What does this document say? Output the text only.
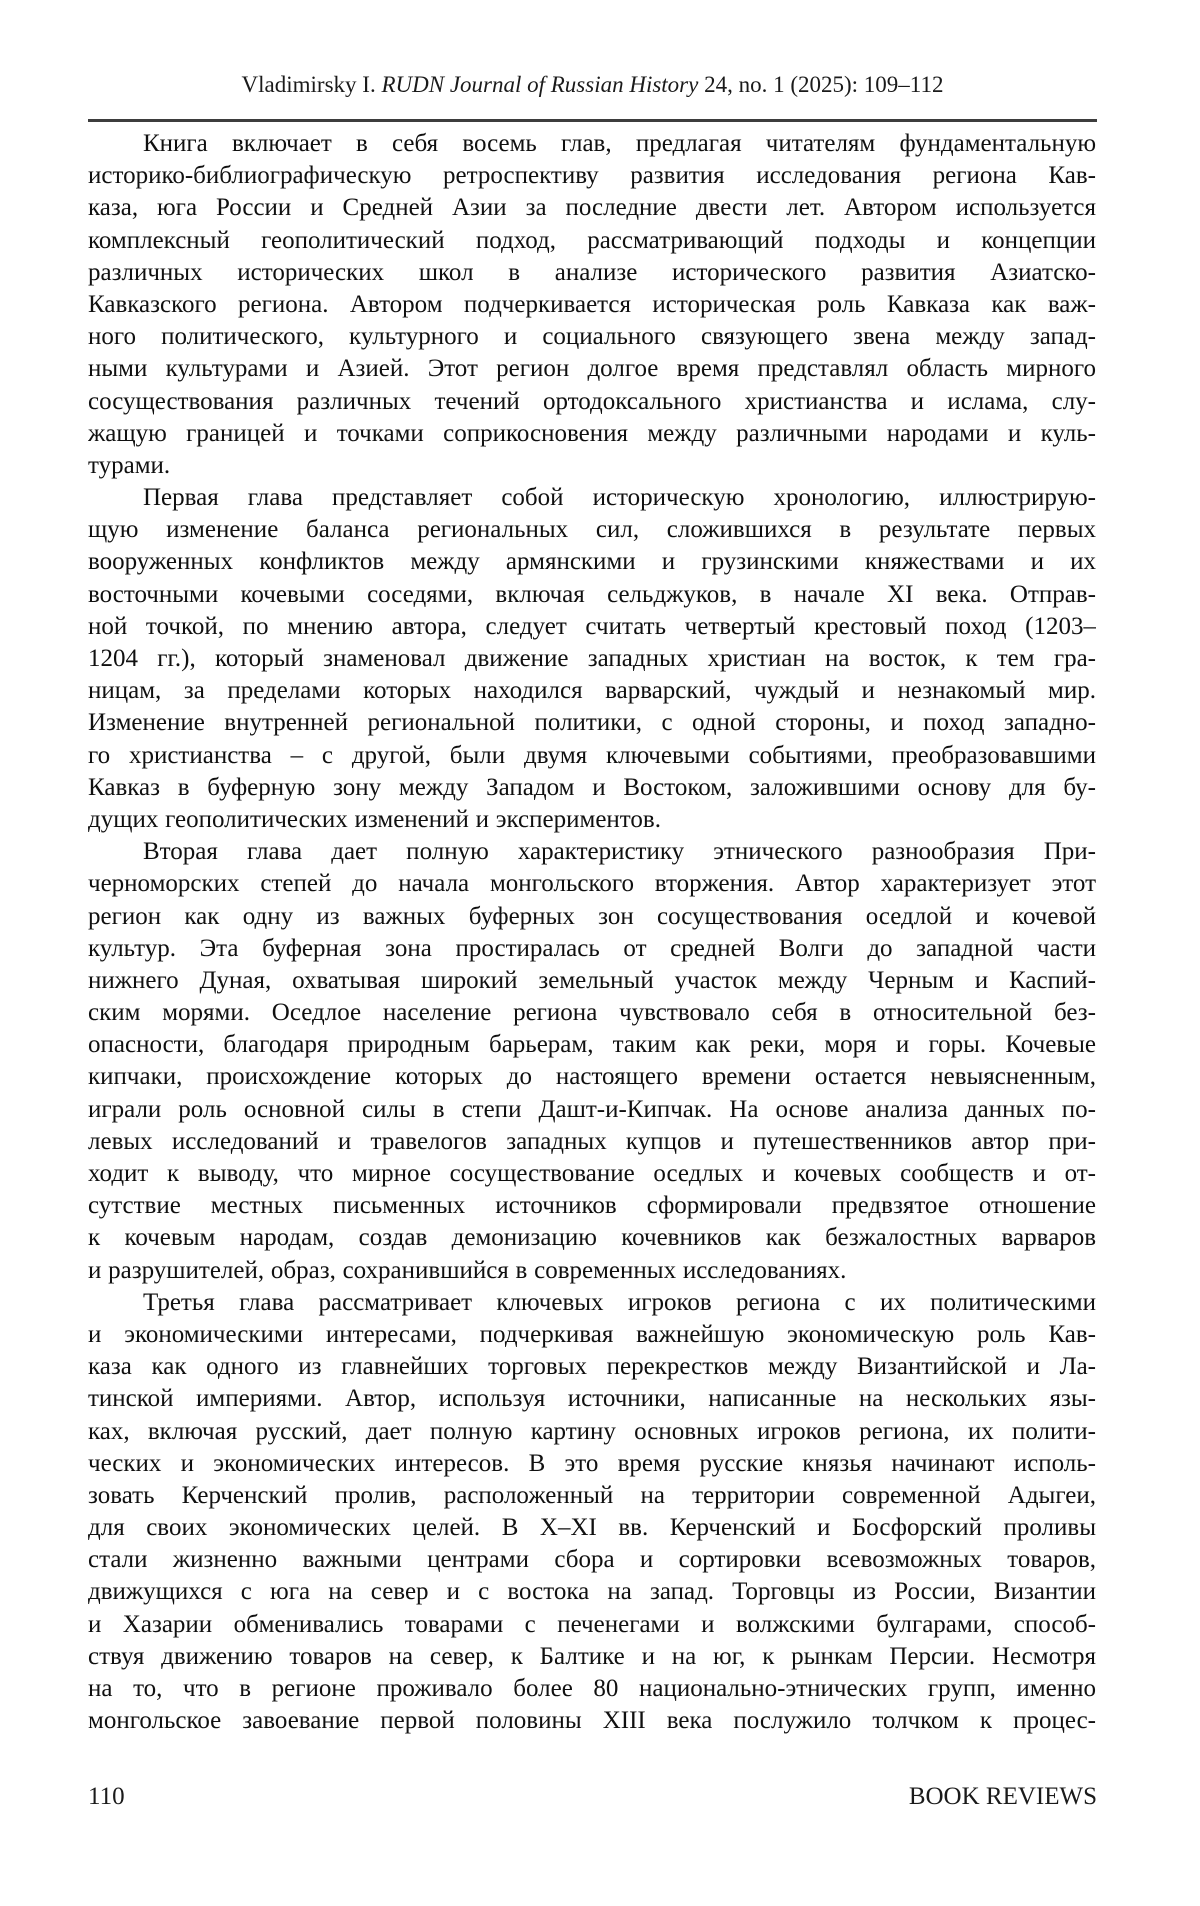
Vladimirsky I. RUDN Journal of Russian History 24, no. 1 (2025): 109–112
Книга включает в себя восемь глав, предлагая читателям фундаментальную
историко-библиографическую ретроспективу развития исследования региона Кав-
каза, юга России и Средней Азии за последние двести лет. Автором используется
комплексный геополитический подход, рассматривающий подходы и концепции
различных исторических школ в анализе исторического развития Азиатско-
Кавказского региона. Автором подчеркивается историческая роль Кавказа как важ-
ного политического, культурного и социального связующего звена между запад-
ными культурами и Азией. Этот регион долгое время представлял область мирного
сосуществования различных течений ортодоксального христианства и ислама, слу-
жащую границей и точками соприкосновения между различными народами и куль-
турами.
Первая глава представляет собой историческую хронологию, иллюстрирую-
щую изменение баланса региональных сил, сложившихся в результате первых
вооруженных конфликтов между армянскими и грузинскими княжествами и их
восточными кочевыми соседями, включая сельджуков, в начале XI века. Отправ-
ной точкой, по мнению автора, следует считать четвертый крестовый поход (1203–
1204 гг.), который знаменовал движение западных христиан на восток, к тем гра-
ницам, за пределами которых находился варварский, чуждый и незнакомый мир.
Изменение внутренней региональной политики, с одной стороны, и поход западно-
го христианства – с другой, были двумя ключевыми событиями, преобразовавшими
Кавказ в буферную зону между Западом и Востоком, заложившими основу для бу-
дущих геополитических изменений и экспериментов.
Вторая глава дает полную характеристику этнического разнообразия При-
черноморских степей до начала монгольского вторжения. Автор характеризует этот
регион как одну из важных буферных зон сосуществования оседлой и кочевой
культур. Эта буферная зона простиралась от средней Волги до западной части
нижнего Дуная, охватывая широкий земельный участок между Черным и Каспий-
ским морями. Оседлое население региона чувствовало себя в относительной без-
опасности, благодаря природным барьерам, таким как реки, моря и горы. Кочевые
кипчаки, происхождение которых до настоящего времени остается невыясненным,
играли роль основной силы в степи Дашт-и-Кипчак. На основе анализа данных по-
левых исследований и травелогов западных купцов и путешественников автор при-
ходит к выводу, что мирное сосуществование оседлых и кочевых сообществ и от-
сутствие местных письменных источников сформировали предвзятое отношение
к кочевым народам, создав демонизацию кочевников как безжалостных варваров
и разрушителей, образ, сохранившийся в современных исследованиях.
Третья глава рассматривает ключевых игроков региона с их политическими
и экономическими интересами, подчеркивая важнейшую экономическую роль Кав-
каза как одного из главнейших торговых перекрестков между Византийской и Ла-
тинской империями. Автор, используя источники, написанные на нескольких язы-
ках, включая русский, дает полную картину основных игроков региона, их полити-
ческих и экономических интересов. В это время русские князья начинают исполь-
зовать Керченский пролив, расположенный на территории современной Адыгеи,
для своих экономических целей. В X–XI вв. Керченский и Босфорский проливы
стали жизненно важными центрами сбора и сортировки всевозможных товаров,
движущихся с юга на север и с востока на запад. Торговцы из России, Византии
и Хазарии обменивались товарами с печенегами и волжскими булгарами, способ-
ствуя движению товаров на север, к Балтике и на юг, к рынкам Персии. Несмотря
на то, что в регионе проживало более 80 национально-этнических групп, именно
монгольское завоевание первой половины XIII века послужило толчком к процес-
110	BOOK REVIEWS
